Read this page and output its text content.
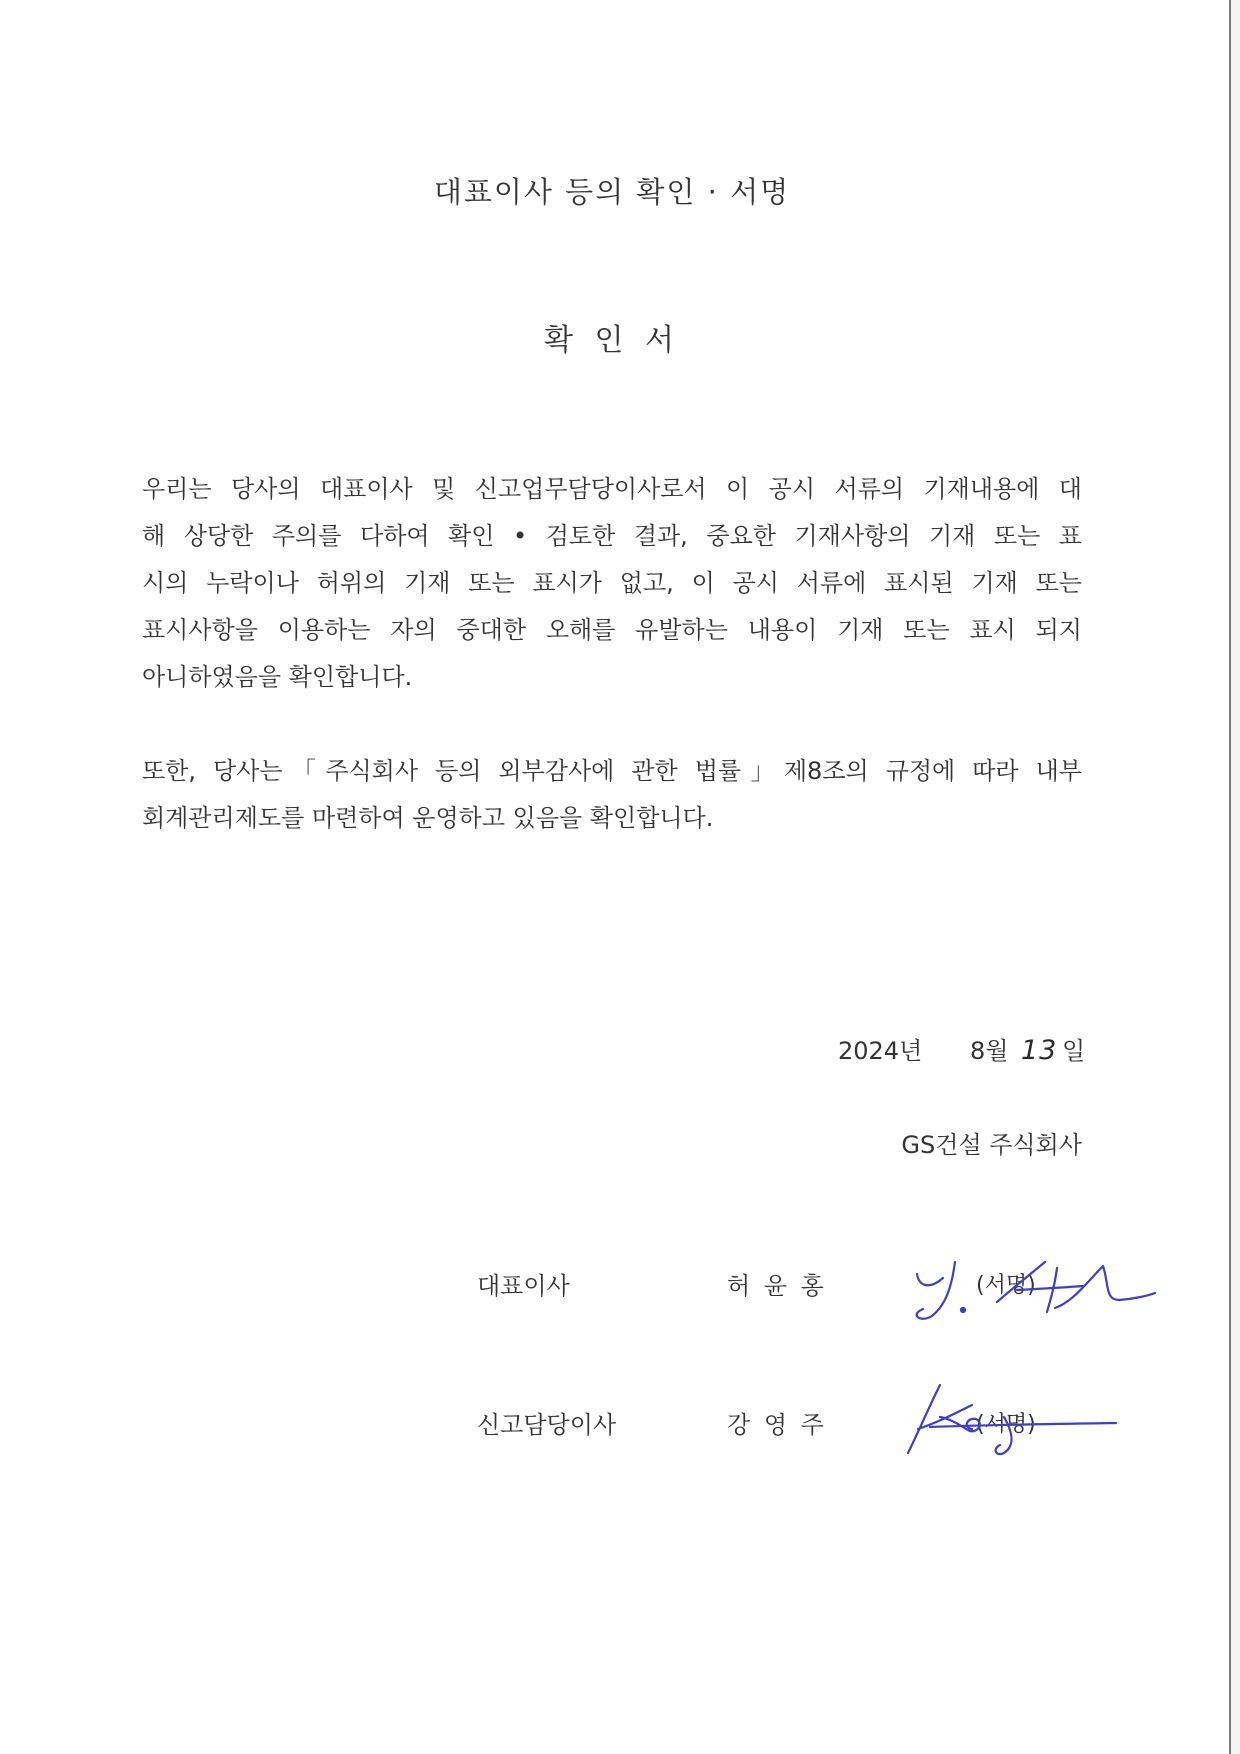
대표이사 등의 확인 · 서명
확 인 서
우리는 당사의 대표이사 및 신고업무담당이사로서 이 공시 서류의 기재내용에 대
해 상당한 주의를 다하여 확인 • 검토한 결과, 중요한 기재사항의 기재 또는 표
시의 누락이나 허위의 기재 또는 표시가 없고, 이 공시 서류에 표시된 기재 또는
표시사항을 이용하는 자의 중대한 오해를 유발하는 내용이 기재 또는 표시 되지
아니하였음을 확인합니다.
또한, 당사는「주식회사 등의 외부감사에 관한 법률」제8조의 규정에 따라 내부
회계관리제도를 마련하여 운영하고 있음을 확인합니다.
2024년 8월 13 일
GS건설 주식회사
대표이사	허 윤 홍	(서명)
신고담당이사	강 영 주	(서명)
